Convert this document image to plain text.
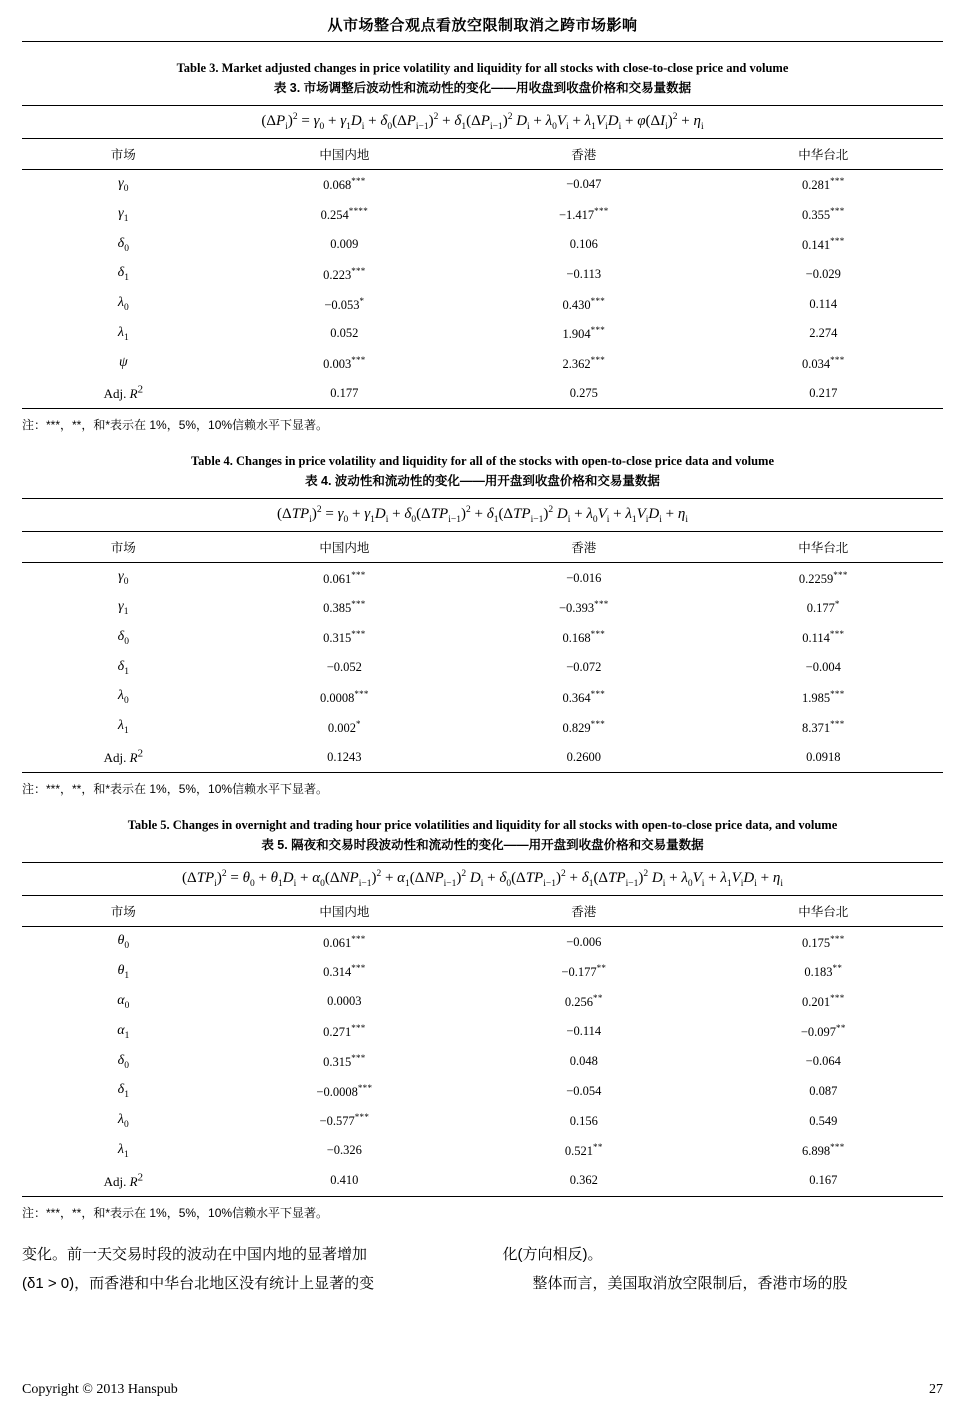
从市场整合观点看放空限制取消之跨市场影响
Table 3. Market adjusted changes in price volatility and liquidity for all stocks with close-to-close price and volume
表 3. 市场调整后波动性和流动性的变化——用收盘到收盘价格和交易量数据
$(\Delta P_i)^2 = \gamma_0 + \gamma_1D_i + \delta_0(\Delta P_{i-1})^2 + \delta_1(\Delta P_{i-1})^2$ $D_i + \lambda_0V_i + \lambda_1V_iD_i + \varphi(\Delta I_i)^2 + \eta_i$
市场	中国内地	香港	中华台北
$\gamma_0$	0.068***	−0.047	0.281***
$\gamma_1$	0.254****	−1.417***	0.355***
$\delta_0$	0.009	0.106	0.141***
$\delta_1$	0.223***	−0.113	−0.029
$\lambda_0$	−0.053*	0.430***	0.114
$\lambda_1$	0.052	1.904***	2.274
ψ	0.003***	2.362***	0.034***
Adj. $R^2$	0.177	0.275	0.217
注：***，**，和*表示在 1%，5%，10%信赖水平下显著。
Table 4. Changes in price volatility and liquidity for all of the stocks with open-to-close price data and volume
表 4. 波动性和流动性的变化——用开盘到收盘价格和交易量数据
$(\Delta TP_i)^2 = \gamma_0 + \gamma_1D_i + \delta_0(\Delta TP_{i-1})^2 + \delta_1(\Delta TP_{i-1})^2$ $D_i + \lambda_0V_i + \lambda_1V_iD_i + \eta_i$
市场	中国内地	香港	中华台北
$\gamma_0$	0.061***	−0.016	0.2259***
$\gamma_1$	0.385***	−0.393***	0.177*
$\delta_0$	0.315***	0.168***	0.114***
$\delta_1$	−0.052	−0.072	−0.004
$\lambda_0$	0.0008***	0.364***	1.985***
$\lambda_1$	0.002*	0.829***	8.371***
Adj. $R^2$	0.1243	0.2600	0.0918
注：***，**，和*表示在 1%，5%，10%信赖水平下显著。
Table 5. Changes in overnight and trading hour price volatilities and liquidity for all stocks with open-to-close price data, and volume
表 5. 隔夜和交易时段波动性和流动性的变化——用开盘到收盘价格和交易量数据
$(\Delta TP_i)^2 = \theta_0 + \theta_1D_i + \alpha_0(\Delta NP_{i-1})^2 + \alpha_1(\Delta NP_{i-1})^2$ $D_i + \delta_0(\Delta TP_{i-1})^2 + \delta_1(\Delta TP_{i-1})^2$ $D_i + \lambda_0V_i + \lambda_1V_iD_i + \eta_i$
市场	中国内地	香港	中华台北
$\theta_0$	0.061***	−0.006	0.175***
$\theta_1$	0.314***	−0.177**	0.183**
$\alpha_0$	0.0003	0.256**	0.201***
$\alpha_1$	0.271***	−0.114	−0.097**
$\delta_0$	0.315***	0.048	−0.064
$\delta_1$	−0.0008***	−0.054	0.087
$\lambda_0$	−0.577***	0.156	0.549
$\lambda_1$	−0.326	0.521**	6.898***
Adj. $R^2$	0.410	0.362	0.167
注：***，**，和*表示在 1%，5%，10%信赖水平下显著。
变化。前一天交易时段的波动在中国内地的显著增加
(δ1 > 0)，而香港和中华台北地区没有统计上显著的变
化(方向相反)。
整体而言，美国取消放空限制后，香港市场的股
Copyright © 2013 Hanspub	27
